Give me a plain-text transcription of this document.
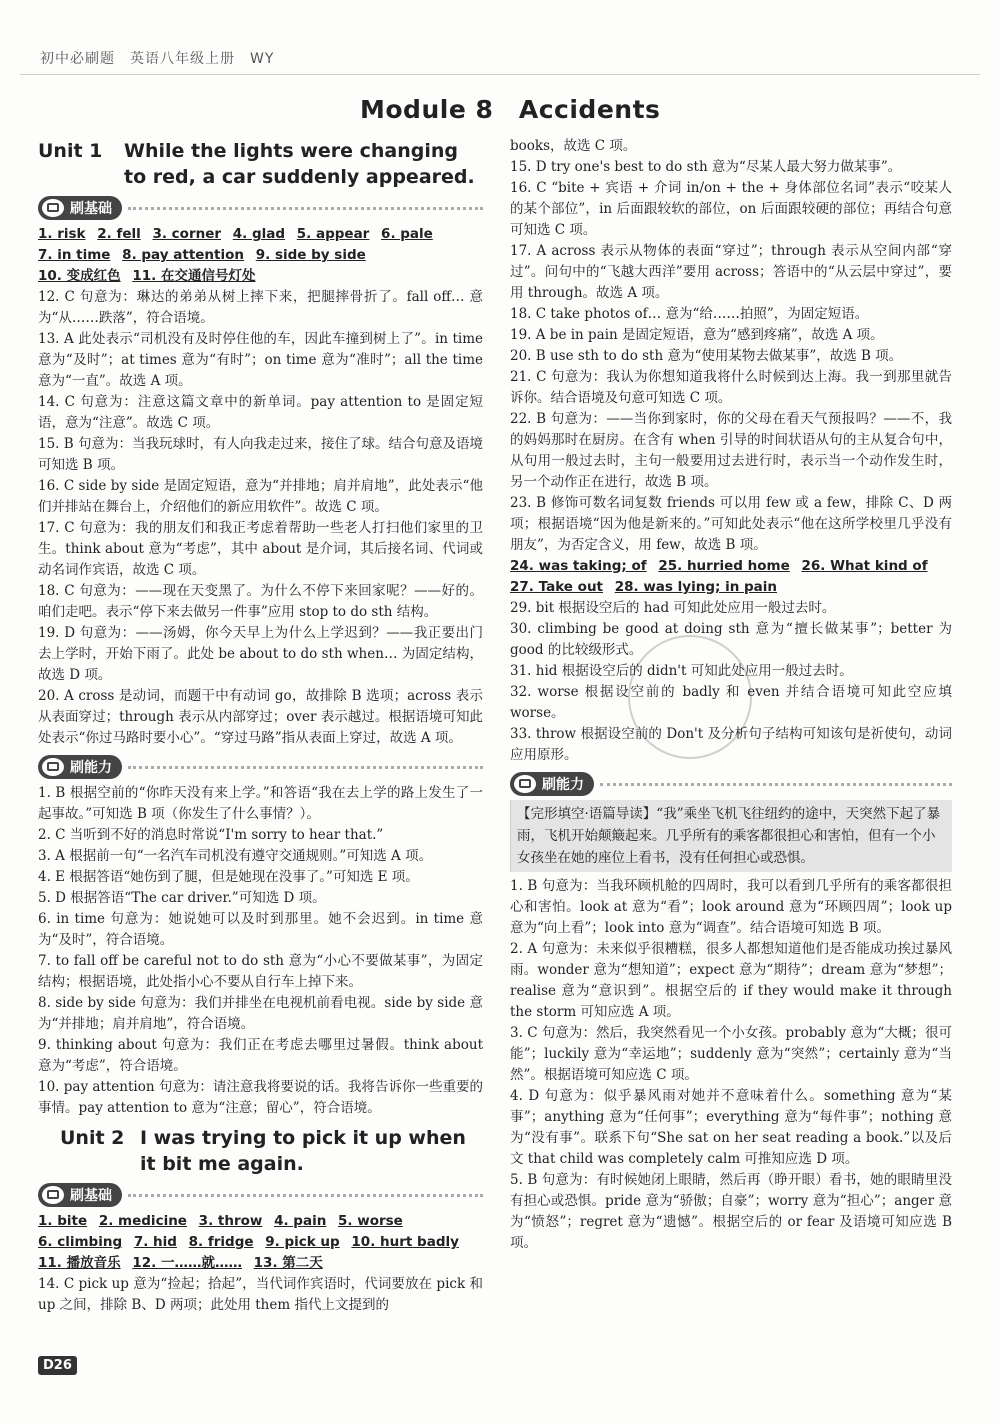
初中必刷题　英语八年级上册　WY
Module 8　Accidents
Unit 1	While the lights were changing to red, a car suddenly appeared.
刷基础
1. risk 2. fell 3. corner 4. glad 5. appear 6. pale
7. in time 8. pay attention 9. side by side
10. 变成红色 11. 在交通信号灯处

12. C 句意为：琳达的弟弟从树上摔下来，把腿摔骨折了。fall off… 意为“从……跌落”，符合语境。

13. A 此处表示“司机没有及时停住他的车，因此车撞到树上了”。in time 意为“及时”；at times 意为“有时”；on time 意为“准时”；all the time 意为“一直”。故选 A 项。

14. C 句意为：注意这篇文章中的新单词。pay attention to 是固定短语，意为“注意”。故选 C 项。

15. B 句意为：当我玩球时，有人向我走过来，接住了球。结合句意及语境可知选 B 项。

16. C side by side 是固定短语，意为“并排地；肩并肩地”，此处表示“他们并排站在舞台上，介绍他们的新应用软件”。故选 C 项。

17. C 句意为：我的朋友们和我正考虑着帮助一些老人打扫他们家里的卫生。think about 意为“考虑”，其中 about 是介词，其后接名词、代词或动名词作宾语，故选 C 项。

18. C 句意为：——现在天变黑了。为什么不停下来回家呢？——好的。咱们走吧。表示“停下来去做另一件事”应用 stop to do sth 结构。

19. D 句意为：——汤姆，你今天早上为什么上学迟到？——我正要出门去上学时，开始下雨了。此处 be about to do sth when… 为固定结构，故选 D 项。

20. A cross 是动词，而题干中有动词 go，故排除 B 选项；across 表示从表面穿过；through 表示从内部穿过；over 表示越过。根据语境可知此处表示“你过马路时要小心”。“穿过马路”指从表面上穿过，故选 A 项。

刷能力

1. B 根据空前的“你昨天没有来上学。”和答语“我在去上学的路上发生了一起事故。”可知选 B 项（你发生了什么事情？）。

2. C 当听到不好的消息时常说“I'm sorry to hear that.”

3. A 根据前一句“一名汽车司机没有遵守交通规则。”可知选 A 项。

4. E 根据答语“她伤到了腿，但是她现在没事了。”可知选 E 项。

5. D 根据答语“The car driver.”可知选 D 项。

6. in time 句意为：她说她可以及时到那里。她不会迟到。in time 意为“及时”，符合语境。

7. to fall off be careful not to do sth 意为“小心不要做某事”，为固定结构；根据语境，此处指小心不要从自行车上掉下来。

8. side by side 句意为：我们并排坐在电视机前看电视。side by side 意为“并排地；肩并肩地”，符合语境。

9. thinking about 句意为：我们正在考虑去哪里过暑假。think about 意为“考虑”，符合语境。

10. pay attention 句意为：请注意我将要说的话。我将告诉你一些重要的事情。pay attention to 意为“注意；留心”，符合语境。

Unit 2 I was trying to pick it up when it bit me again.
刷基础
1. bite 2. medicine 3. throw 4. pain 5. worse
6. climbing 7. hid 8. fridge 9. pick up 10. hurt badly
11. 播放音乐 12. 一……就…… 13. 第二天

14. C pick up 意为“捡起；拾起”，当代词作宾语时，代词要放在 pick 和 up 之间，排除 B、D 两项；此处用 them 指代上文提到的

books，故选 C 项。

15. D try one's best to do sth 意为“尽某人最大努力做某事”。

16. C “bite + 宾语 + 介词 in/on + the + 身体部位名词”表示“咬某人的某个部位”，in 后面跟较软的部位，on 后面跟较硬的部位；再结合句意可知选 C 项。

17. A across 表示从物体的表面“穿过”；through 表示从空间内部“穿过”。问句中的“飞越大西洋”要用 across；答语中的“从云层中穿过”，要用 through。故选 A 项。

18. C take photos of… 意为“给……拍照”，为固定短语。

19. A be in pain 是固定短语，意为“感到疼痛”，故选 A 项。

20. B use sth to do sth 意为“使用某物去做某事”，故选 B 项。

21. C 句意为：我认为你想知道我将什么时候到达上海。我一到那里就告诉你。结合语境及句意可知选 C 项。

22. B 句意为：——当你到家时，你的父母在看天气预报吗？——不，我的妈妈那时在厨房。在含有 when 引导的时间状语从句的主从复合句中，从句用一般过去时，主句一般要用过去进行时，表示当一个动作发生时，另一个动作正在进行，故选 B 项。

23. B 修饰可数名词复数 friends 可以用 few 或 a few，排除 C、D 两项；根据语境“因为他是新来的。”可知此处表示“他在这所学校里几乎没有朋友”，为否定含义，用 few，故选 B 项。

24. was taking; of 25. hurried home 26. What kind of
27. Take out 28. was lying; in pain

29. bit 根据设空后的 had 可知此处应用一般过去时。

30. climbing be good at doing sth 意为“擅长做某事”；better 为 good 的比较级形式。

31. hid 根据设空后的 didn't 可知此处应用一般过去时。

32. worse 根据设空前的 badly 和 even 并结合语境可知此空应填 worse。

33. throw 根据设空前的 Don't 及分析句子结构可知该句是祈使句，动词应用原形。

刷能力
【完形填空·语篇导读】“我”乘坐飞机飞往纽约的途中，天突然下起了暴雨，飞机开始颠簸起来。几乎所有的乘客都很担心和害怕，但有一个小女孩坐在她的座位上看书，没有任何担心或恐惧。

1. B 句意为：当我环顾机舱的四周时，我可以看到几乎所有的乘客都很担心和害怕。look at 意为“看”；look around 意为“环顾四周”；look up 意为“向上看”；look into 意为“调查”。结合语境可知选 B 项。

2. A 句意为：未来似乎很糟糕，很多人都想知道他们是否能成功挨过暴风雨。wonder 意为“想知道”；expect 意为“期待”；dream 意为“梦想”；realise 意为“意识到”。根据空后的 if they would make it through the storm 可知应选 A 项。

3. C 句意为：然后，我突然看见一个小女孩。probably 意为“大概；很可能”；luckily 意为“幸运地”；suddenly 意为“突然”；certainly 意为“当然”。根据语境可知应选 C 项。

4. D 句意为：似乎暴风雨对她并不意味着什么。something 意为“某事”；anything 意为“任何事”；everything 意为“每件事”；nothing 意为“没有事”。联系下句“She sat on her seat reading a book.”以及后文 that child was completely calm 可推知应选 D 项。

5. B 句意为：有时候她闭上眼睛，然后再（睁开眼）看书，她的眼睛里没有担心或恐惧。pride 意为“骄傲；自豪”；worry 意为“担心”；anger 意为“愤怒”；regret 意为“遗憾”。根据空后的 or fear 及语境可知应选 B 项。

D26
